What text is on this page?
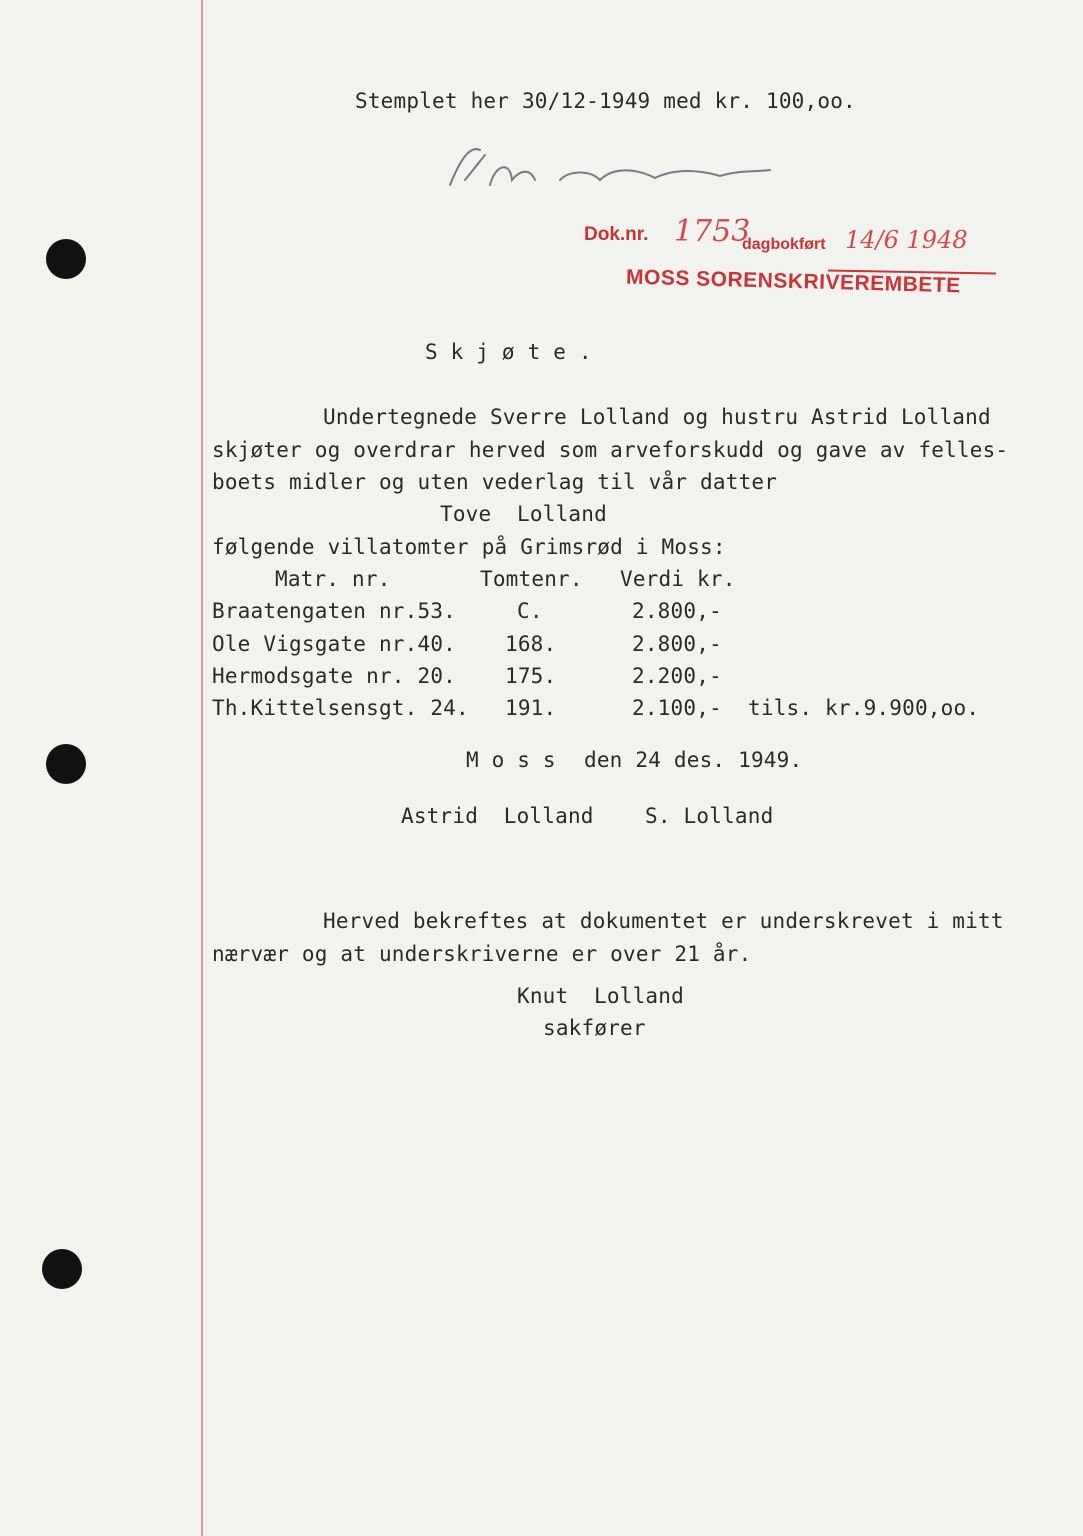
Stemplet her 30/12-1949 med kr. 100,oo.
Dok.nr. 1753
dagbokført 14/6 1948
MOSS SORENSKRIVEREMBETE
Skjøte.
Undertegnede Sverre Lolland og hustru Astrid Lolland
skjøter og overdrar herved som arveforskudd og gave av felles-
boets midler og uten vederlag til vår datter
Tove  Lolland
følgende villatomter på Grimsrød i Moss:
Matr. nr.	Tomtenr. Verdi kr.
Braatengaten nr.53.	C.	2.800,-
Ole Vigsgate nr.40. 168.	2.800,-
Hermodsgate nr. 20. 175.	2.200,-
Th.Kittelsensgt. 24. 191.	2.100,- tils. kr.9.900,oo.
Moss den 24 des. 1949.
Astrid  Lolland S. Lolland
Herved bekreftes at dokumentet er underskrevet i mitt
nærvær og at underskriverne er over 21 år.
Knut  Lolland
sakfører
